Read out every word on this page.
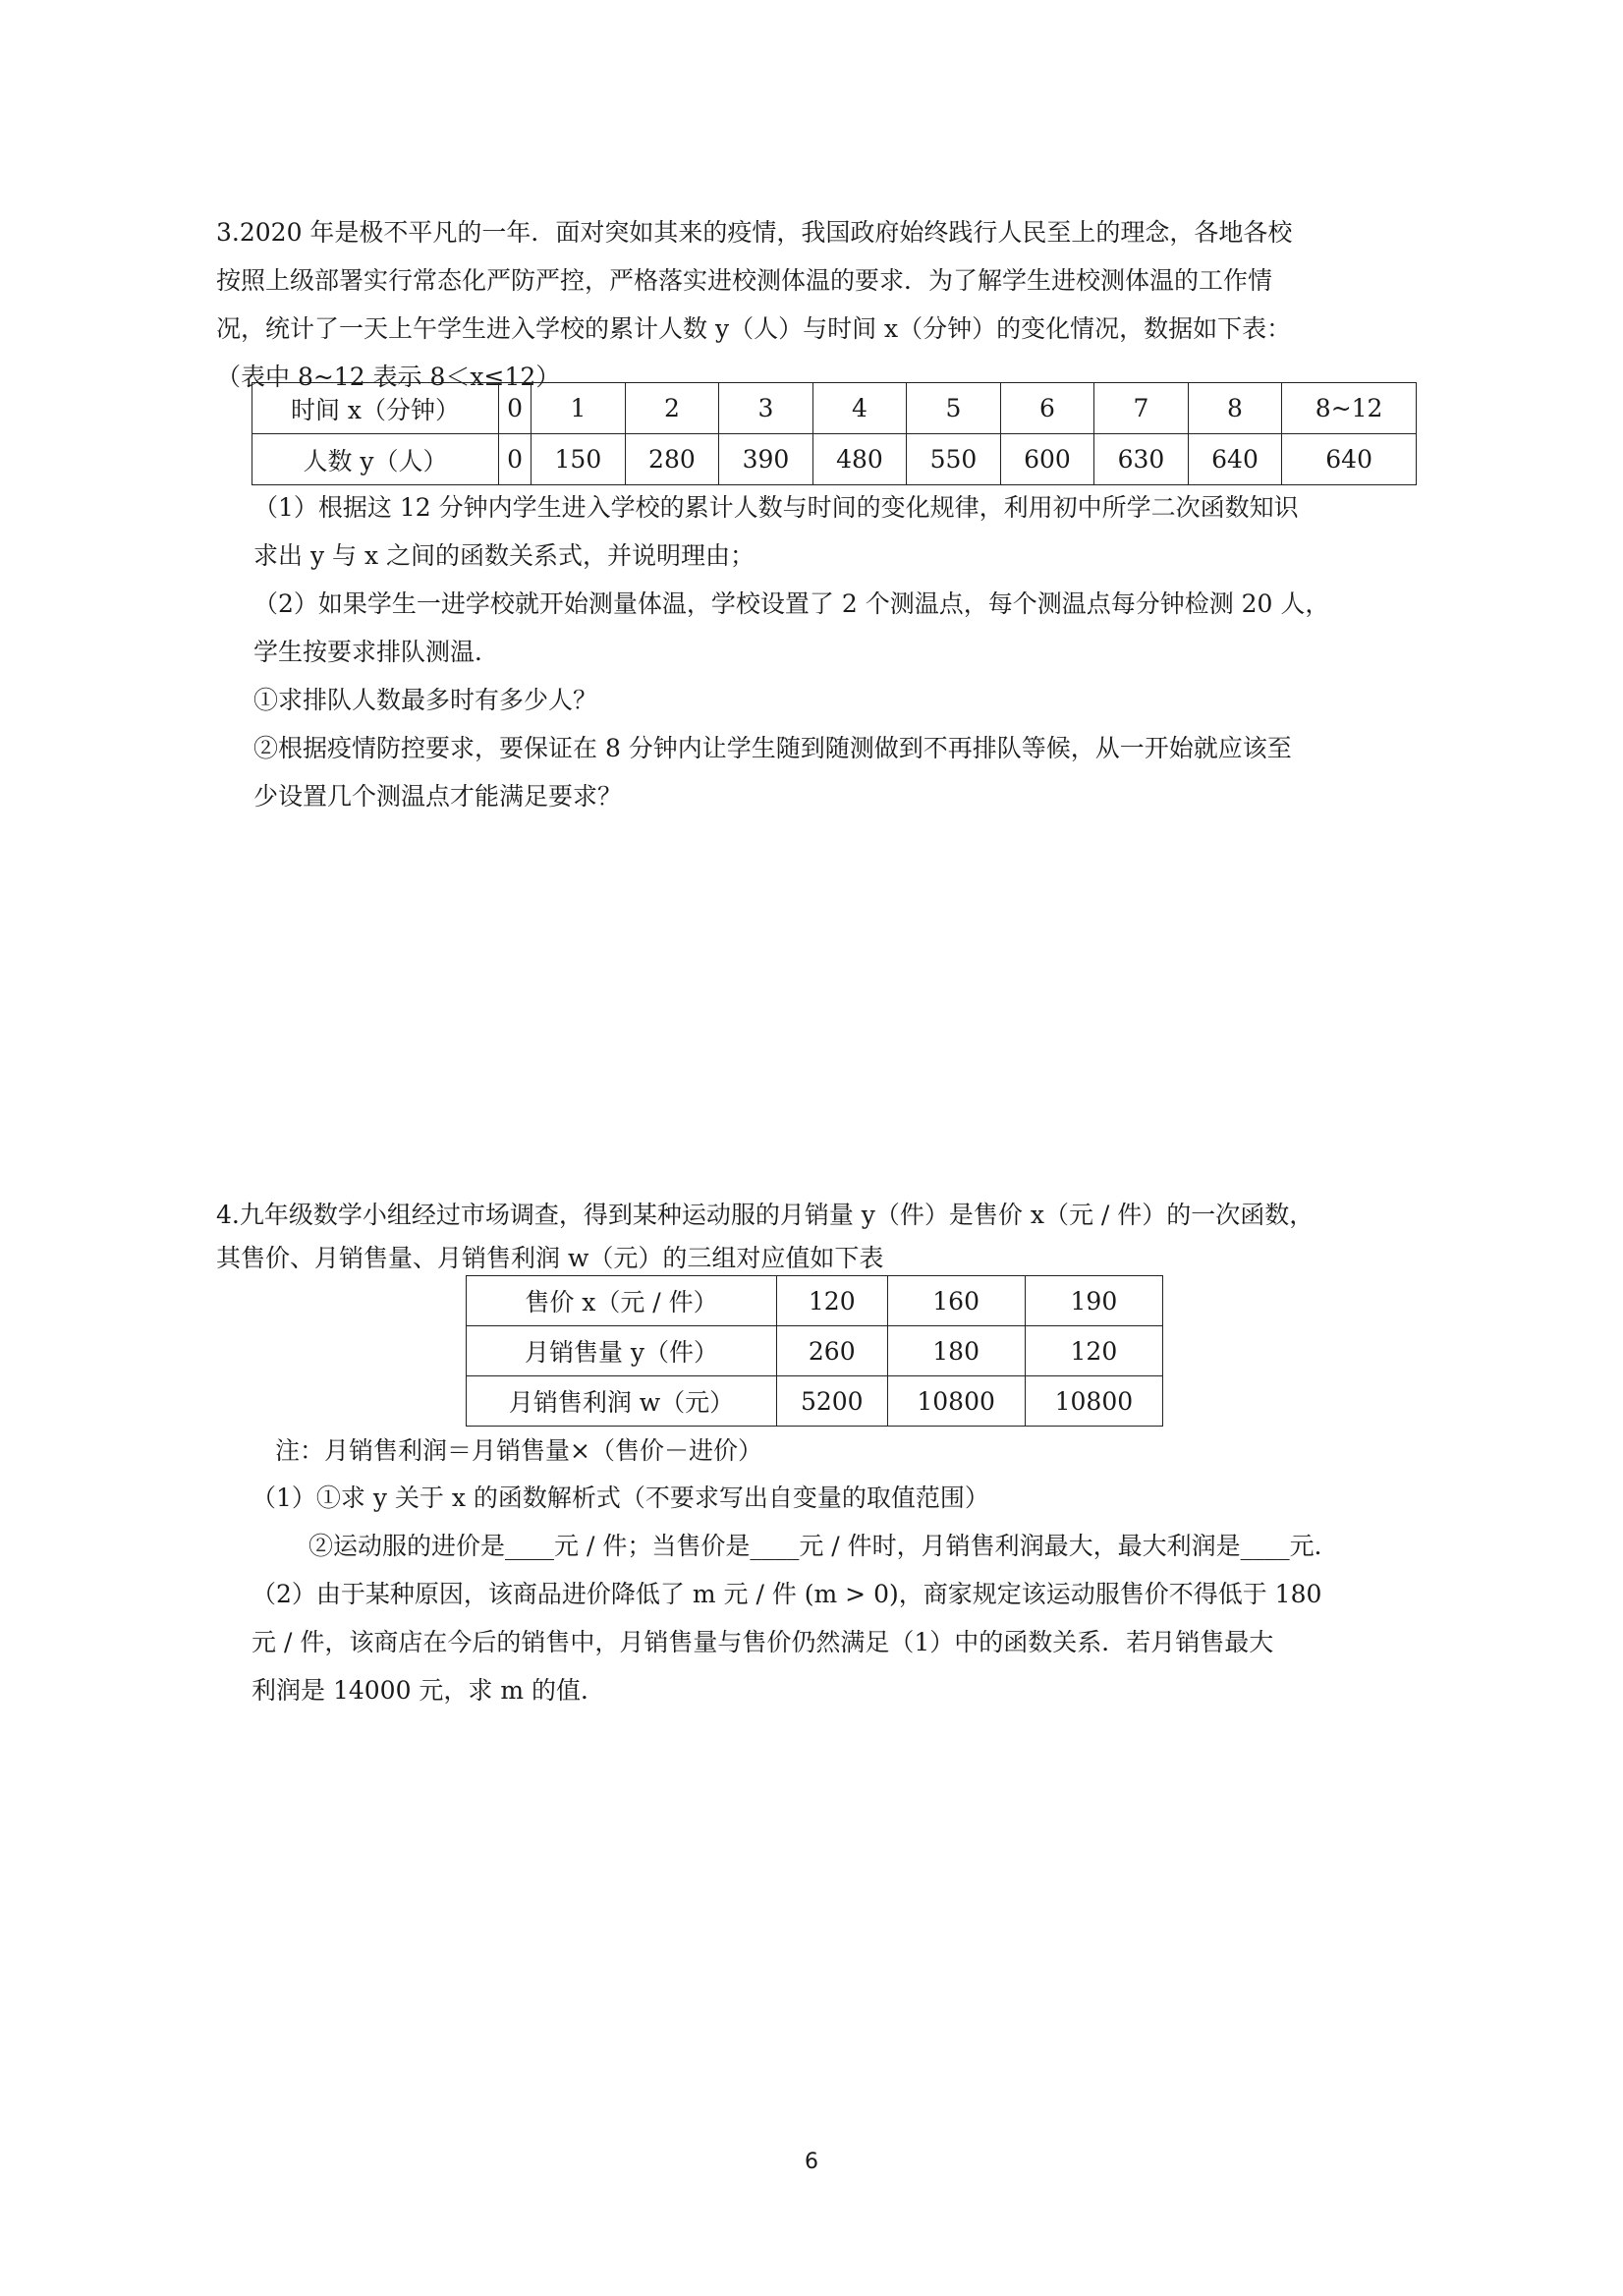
3.2020 年是极不平凡的一年．面对突如其来的疫情，我国政府始终践行人民至上的理念，各地各校

按照上级部署实行常态化严防严控，严格落实进校测体温的要求．为了解学生进校测体温的工作情

况，统计了一天上午学生进入学校的累计人数 y（人）与时间 x（分钟）的变化情况，数据如下表：

（表中 8~12 表示 8＜x≤12）

时间 x（分钟）	0	1	2	3	4	5	6	7	8	8~12
人数 y（人）	0	150	280	390	480	550	600	630	640	640

（1）根据这 12 分钟内学生进入学校的累计人数与时间的变化规律，利用初中所学二次函数知识

求出 y 与 x 之间的函数关系式，并说明理由；

（2）如果学生一进学校就开始测量体温，学校设置了 2 个测温点，每个测温点每分钟检测 20 人，

学生按要求排队测温．

①求排队人数最多时有多少人？

②根据疫情防控要求，要保证在 8 分钟内让学生随到随测做到不再排队等候，从一开始就应该至

少设置几个测温点才能满足要求？

4.九年级数学小组经过市场调查，得到某种运动服的月销量 y（件）是售价 x（元 / 件）的一次函数，

其售价、月销售量、月销售利润 w（元）的三组对应值如下表

售价 x（元 / 件）	120	160	190
月销售量 y（件）	260	180	120
月销售利润 w（元）	5200	10800	10800

注：月销售利润＝月销售量×（售价－进价）

（1）①求 y 关于 x 的函数解析式（不要求写出自变量的取值范围）

②运动服的进价是____元 / 件；当售价是____元 / 件时，月销售利润最大，最大利润是____元．

（2）由于某种原因，该商品进价降低了 m 元 / 件 (m > 0)，商家规定该运动服售价不得低于 180

元 / 件，该商店在今后的销售中，月销售量与售价仍然满足（1）中的函数关系．若月销售最大

利润是 14000 元，求 m 的值．

6
